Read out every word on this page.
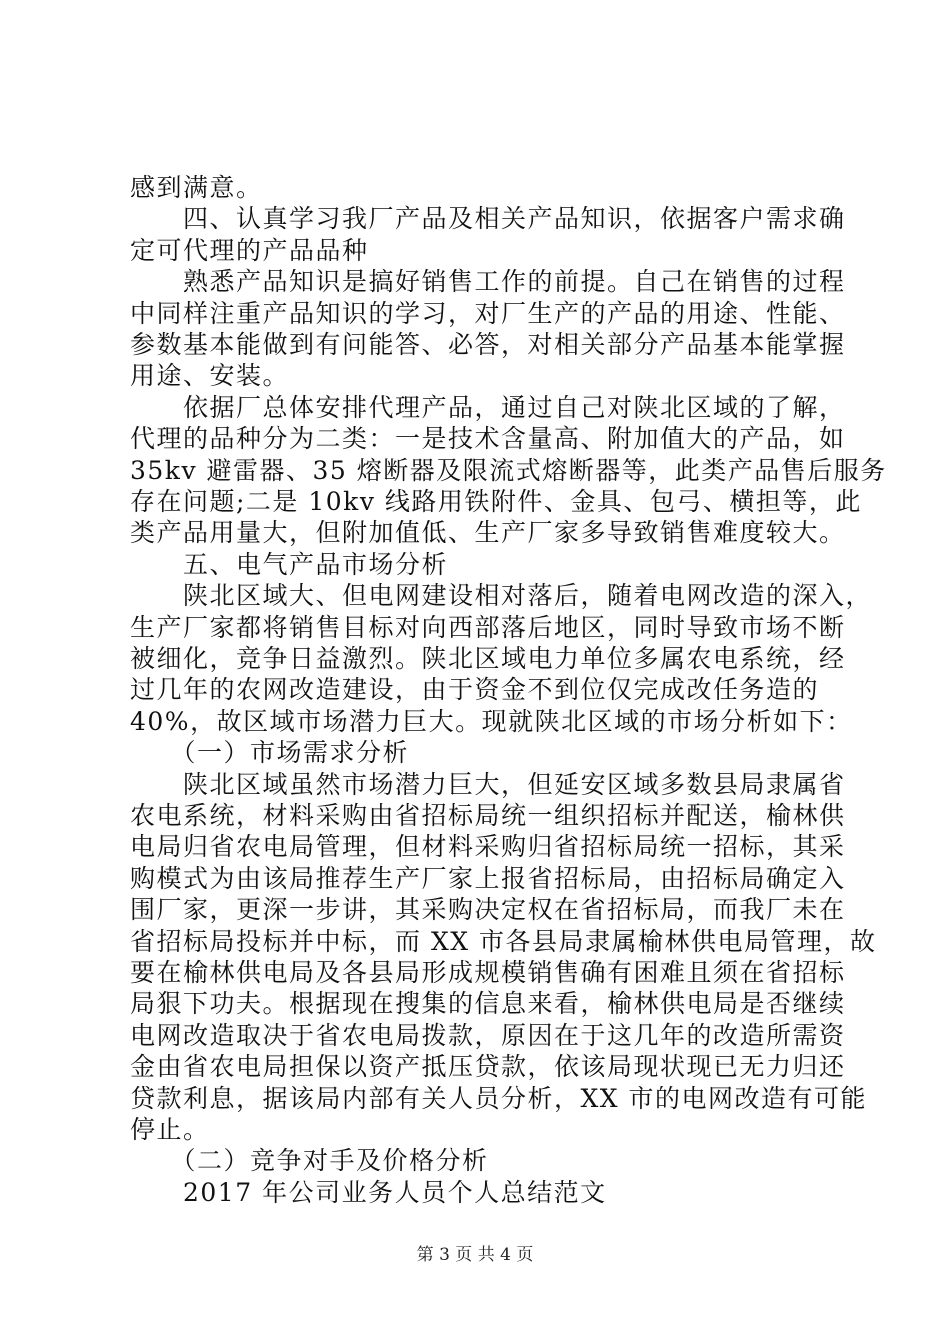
感到满意。
　　四、认真学习我厂产品及相关产品知识，依据客户需求确
定可代理的产品品种
　　熟悉产品知识是搞好销售工作的前提。自己在销售的过程
中同样注重产品知识的学习，对厂生产的产品的用途、性能、
参数基本能做到有问能答、必答，对相关部分产品基本能掌握
用途、安装。
　　依据厂总体安排代理产品，通过自己对陕北区域的了解，
代理的品种分为二类：一是技术含量高、附加值大的产品，如
35kv 避雷器、35 熔断器及限流式熔断器等，此类产品售后服务
存在问题;二是 10kv 线路用铁附件、金具、包弓、横担等，此
类产品用量大，但附加值低、生产厂家多导致销售难度较大。
　　五、电气产品市场分析
　　陕北区域大、但电网建设相对落后，随着电网改造的深入，
生产厂家都将销售目标对向西部落后地区，同时导致市场不断
被细化，竞争日益激烈。陕北区域电力单位多属农电系统，经
过几年的农网改造建设，由于资金不到位仅完成改任务造的
40%，故区域市场潜力巨大。现就陕北区域的市场分析如下：
　　（一）市场需求分析
　　陕北区域虽然市场潜力巨大，但延安区域多数县局隶属省
农电系统，材料采购由省招标局统一组织招标并配送，榆林供
电局归省农电局管理，但材料采购归省招标局统一招标，其采
购模式为由该局推荐生产厂家上报省招标局，由招标局确定入
围厂家，更深一步讲，其采购决定权在省招标局，而我厂未在
省招标局投标并中标，而 XX 市各县局隶属榆林供电局管理，故
要在榆林供电局及各县局形成规模销售确有困难且须在省招标
局狠下功夫。根据现在搜集的信息来看，榆林供电局是否继续
电网改造取决于省农电局拨款，原因在于这几年的改造所需资
金由省农电局担保以资产抵压贷款，依该局现状现已无力归还
贷款利息，据该局内部有关人员分析，XX 市的电网改造有可能
停止。
　　（二）竞争对手及价格分析
　　2017 年公司业务人员个人总结范文
第 3 页 共 4 页
